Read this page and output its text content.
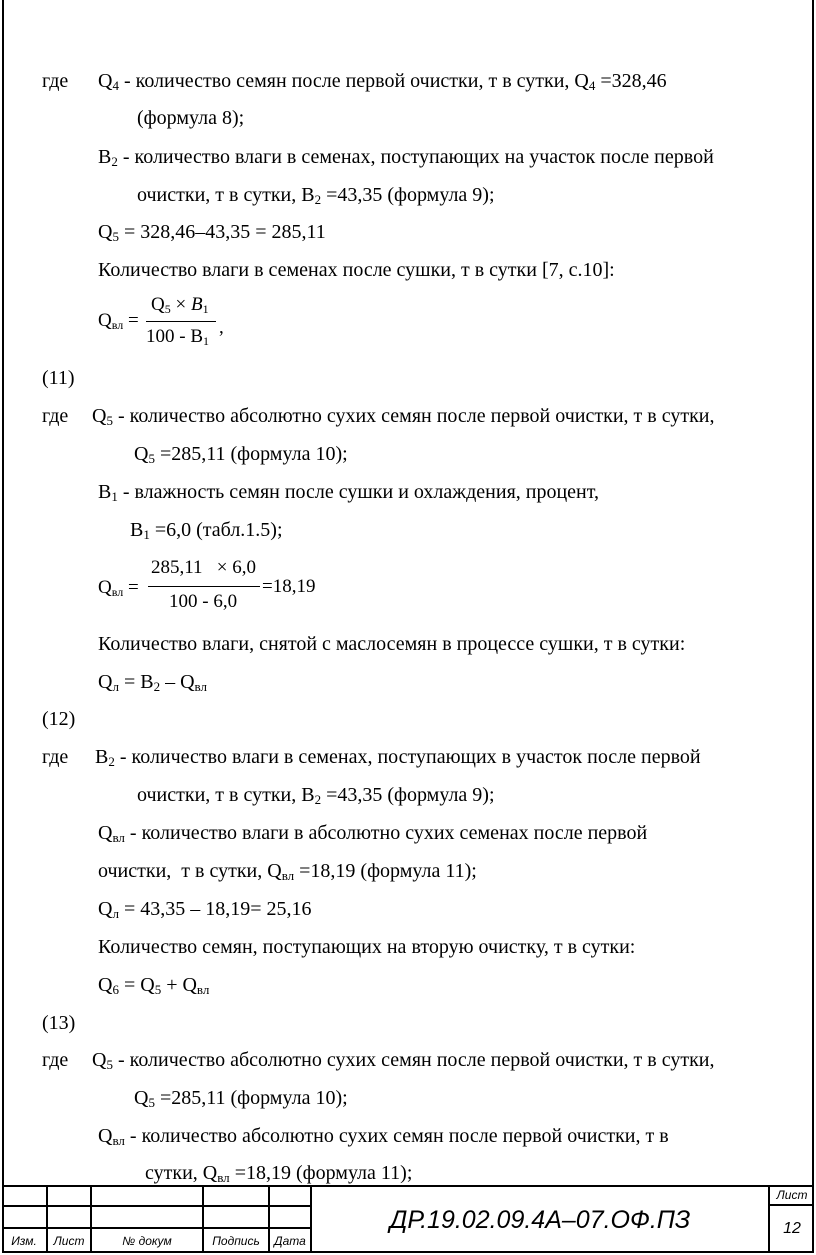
где $Q_4$ - количество семян после первой очистки, т в сутки, $Q_4 =328,46$
(формула 8);
$B_2$ - количество влаги в семенах, поступающих на участок после первой
очистки, т в сутки, $B_2 =43,35$ (формула 9);
$Q_5 = 328,46-43,35 = 285,11$
Количество влаги в семенах после сушки, т в сутки [7, с.10]:
$Q_{вл}$ =
$Q_5 \times B_1$
$100 - B_1$
,
(11)
где $Q_5$ - количество абсолютно сухих семян после первой очистки, т в сутки,
$Q_5 =285,11$ (формула 10);
$B_1$ - влажность семян после сушки и охлаждения, процент,
$B_1 =6,0$ (табл.1.5);
$Q_{вл}$ =
285,11   × 6,0
100 - 6,0
=18,19
Количество влаги, снятой с маслосемян в процессе сушки, т в сутки:
$Q_л = B_2 - Q_{вл}$
(12)
где $B_2$ - количество влаги в семенах, поступающих в участок после первой
очистки, т в сутки, $B_2 =43,35$ (формула 9);
$Q_{вл}$ - количество влаги в абсолютно сухих семенах после первой
очистки,  т в сутки, $Q_{вл} =18,19$ (формула 11);
$Q_л = 43,35 - 18,19= 25,16$
Количество семян, поступающих на вторую очистку, т в сутки:
$Q_6 = Q_5 + Q_{вл}$
(13)
где $Q_5$ - количество абсолютно сухих семян после первой очистки, т в сутки,
$Q_5 =285,11$ (формула 10);
$Q_{вл}$ - количество абсолютно сухих семян после первой очистки, т в
сутки, $Q_{вл} =18,19$ (формула 11);
Изм.	Лист	№ докум	Подпись	Дата
Лист
ДР.19.02.09.4А–07.ОФ.ПЗ	12
